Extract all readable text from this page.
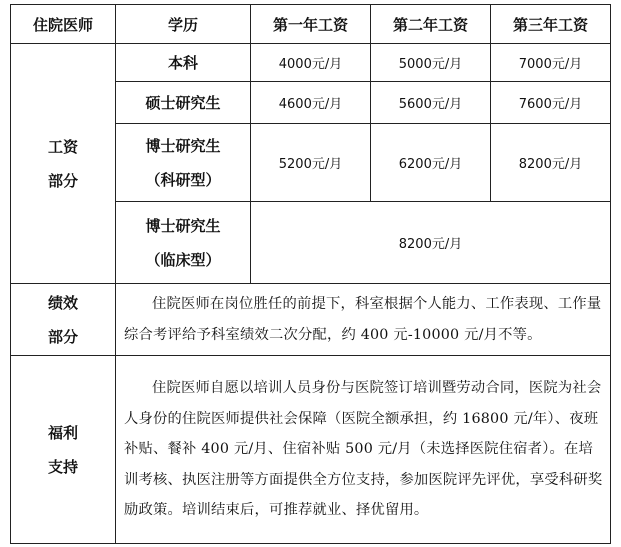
住院医师	学历	第一年工资	第二年工资	第三年工资

工资
部分	本科	4000元/月	5000元/月	7000元/月
	硕士研究生	4600元/月	5600元/月	7600元/月

	博士研究生
（科研型）	5200元/月	6200元/月	8200元/月

	博士研究生
（临床型）	8200元/月		

绩效
部分	住院医师在岗位胜任的前提下，科室根据个人能力、工作表现、工作量综合考评给予科室绩效二次分配，约 400 元-10000 元/月不等。			

福利
支持	住院医师自愿以培训人员身份与医院签订培训暨劳动合同，医院为社会人身份的住院医师提供社会保障（医院全额承担，约 16800 元/年）、夜班补贴、餐补 400 元/月、住宿补贴 500 元/月（未选择医院住宿者）。在培训考核、执医注册等方面提供全方位支持，参加医院评先评优，享受科研奖励政策。培训结束后，可推荐就业、择优留用。			
